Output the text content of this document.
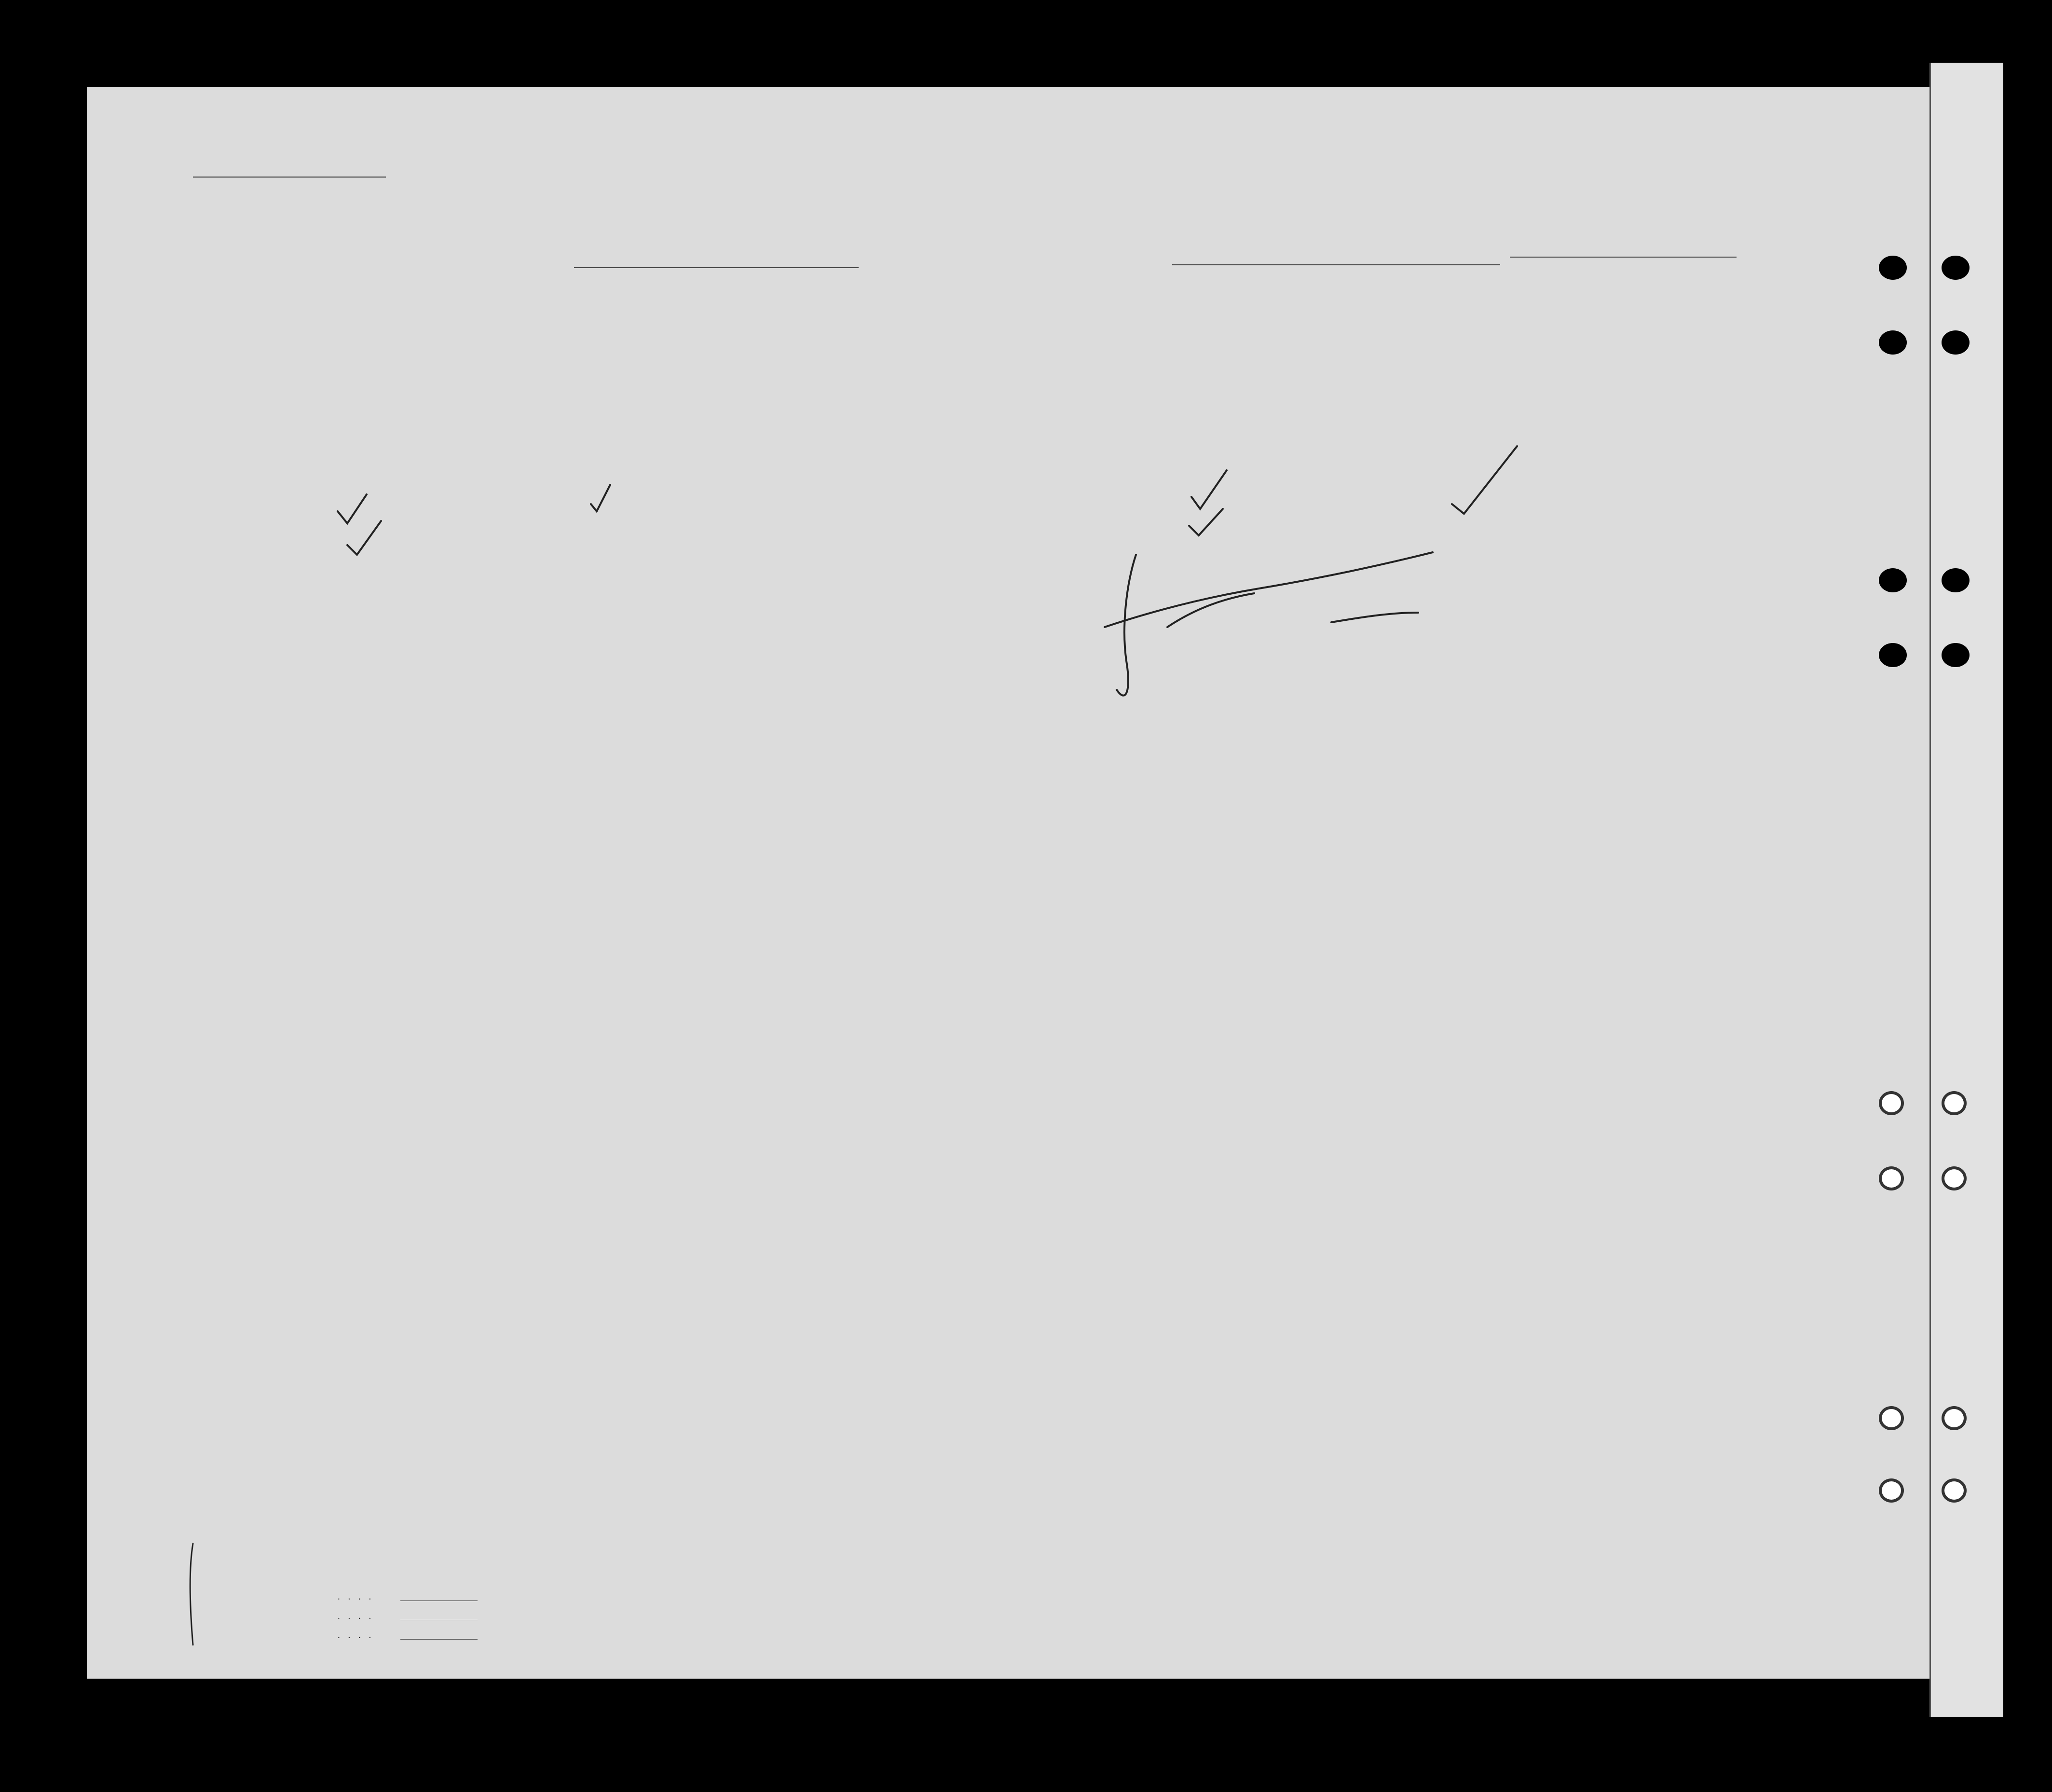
. . . .
. . . .
. . . .
